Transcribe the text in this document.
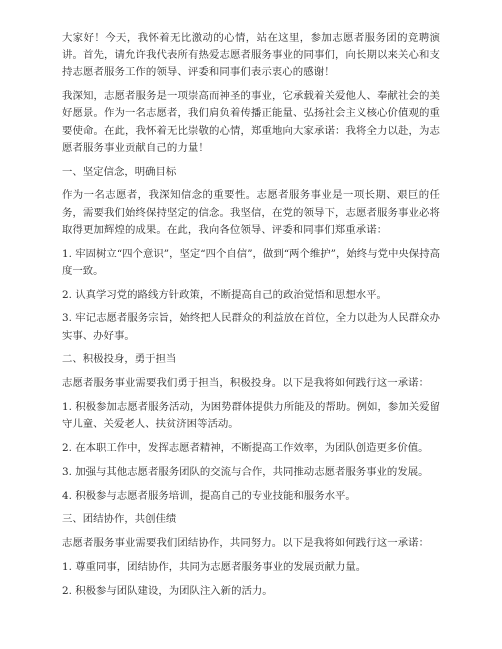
大家好！今天，我怀着无比激动的心情，站在这里，参加志愿者服务团的竞聘演讲。首先，请允许我代表所有热爱志愿者服务事业的同事们，向长期以来关心和支持志愿者服务工作的领导、评委和同事们表示衷心的感谢！

我深知，志愿者服务是一项崇高而神圣的事业，它承载着关爱他人、奉献社会的美好愿景。作为一名志愿者，我们肩负着传播正能量、弘扬社会主义核心价值观的重要使命。在此，我怀着无比崇敬的心情，郑重地向大家承诺：我将全力以赴，为志愿者服务事业贡献自己的力量！

一、坚定信念，明确目标

作为一名志愿者，我深知信念的重要性。志愿者服务事业是一项长期、艰巨的任务，需要我们始终保持坚定的信念。我坚信，在党的领导下，志愿者服务事业必将取得更加辉煌的成果。在此，我向各位领导、评委和同事们郑重承诺：

1. 牢固树立“四个意识”，坚定“四个自信”，做到“两个维护”，始终与党中央保持高度一致。

2. 认真学习党的路线方针政策，不断提高自己的政治觉悟和思想水平。

3. 牢记志愿者服务宗旨，始终把人民群众的利益放在首位，全力以赴为人民群众办实事、办好事。

二、积极投身，勇于担当

志愿者服务事业需要我们勇于担当，积极投身。以下是我将如何践行这一承诺：

1. 积极参加志愿者服务活动，为困势群体提供力所能及的帮助。例如，参加关爱留守儿童、关爱老人、扶贫济困等活动。

2. 在本职工作中，发挥志愿者精神，不断提高工作效率，为团队创造更多价值。

3. 加强与其他志愿者服务团队的交流与合作，共同推动志愿者服务事业的发展。

4. 积极参与志愿者服务培训，提高自己的专业技能和服务水平。

三、团结协作，共创佳绩

志愿者服务事业需要我们团结协作，共同努力。以下是我将如何践行这一承诺：

1. 尊重同事，团结协作，共同为志愿者服务事业的发展贡献力量。

2. 积极参与团队建设，为团队注入新的活力。
